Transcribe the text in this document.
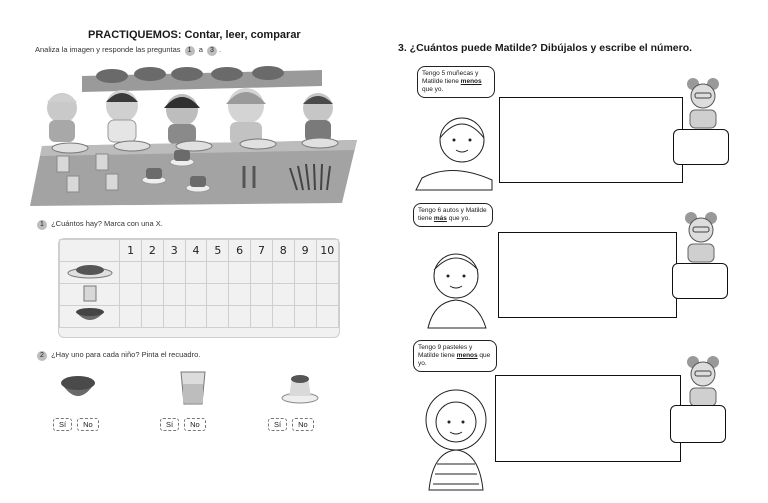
PRACTIQUEMOS: Contar, leer, comparar
Analiza la imagen y responde las preguntas 1 a 3 .
1 ¿Cuántos hay? Marca con una X.
	1	2	3	4	5	6	7	8	9	10

2 ¿Hay uno para cada niño? Pinta el recuadro.
Sí No	Sí No	Sí No
3. ¿Cuántos puede Matilde? Dibújalos y escribe el número.
Tengo 5 muñecas y Matilde tiene menos que yo.
Tengo 6 autos y Matilde tiene más que yo.
Tengo 9 pasteles y Matilde tiene menos que yo.
